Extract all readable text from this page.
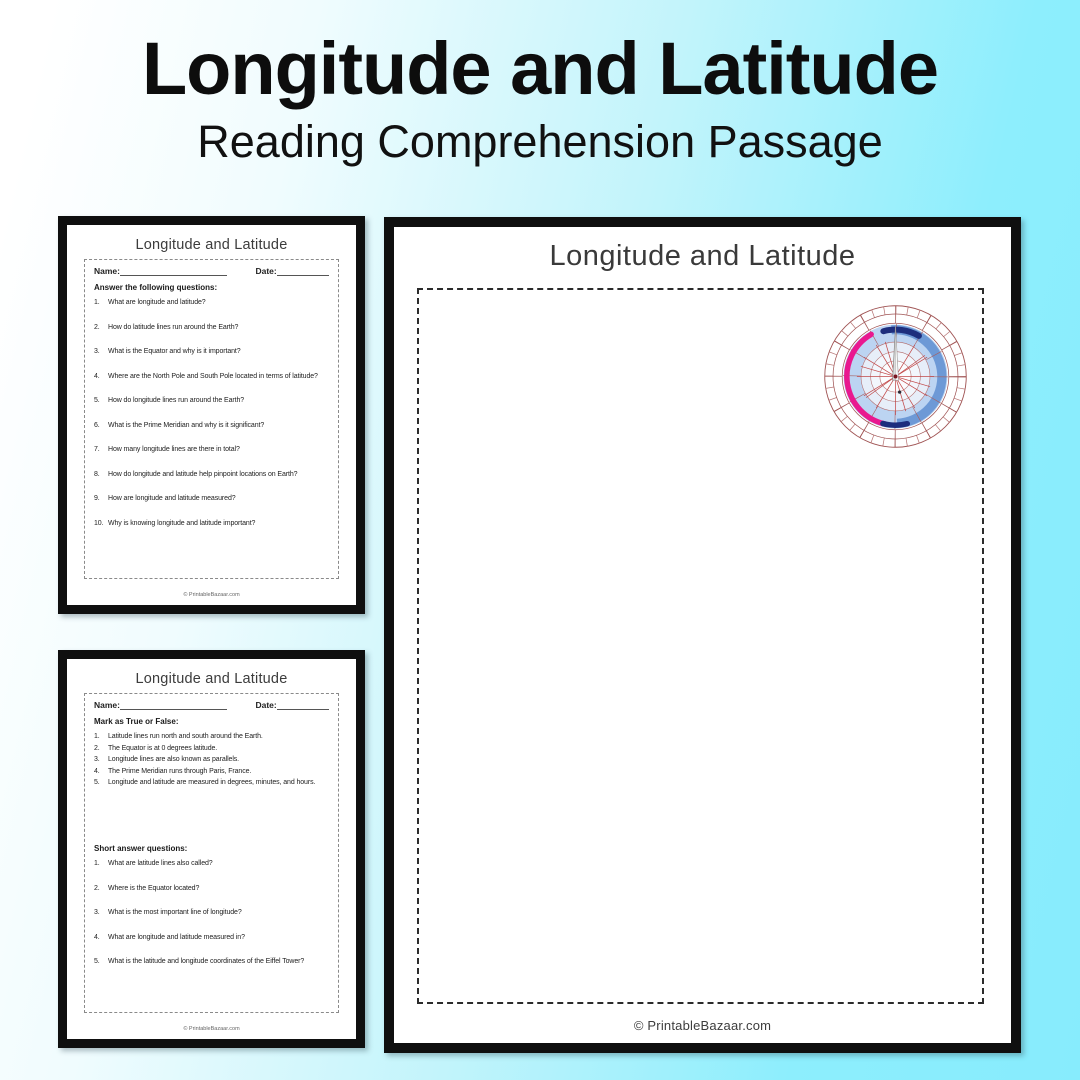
Longitude and Latitude
Reading Comprehension Passage
Longitude and Latitude
Name:	Date:
Answer the following questions:
1.	What are longitude and latitude?
2.	How do latitude lines run around the Earth?
3.	What is the Equator and why is it important?
4.	Where are the North Pole and South Pole located in terms of latitude?
5.	How do longitude lines run around the Earth?
6.	What is the Prime Meridian and why is it significant?
7.	How many longitude lines are there in total?
8.	How do longitude and latitude help pinpoint locations on Earth?
9.	How are longitude and latitude measured?
10. Why is knowing longitude and latitude important?
© PrintableBazaar.com
Longitude and Latitude
Name:	Date:
Mark as True or False:
1.	Latitude lines run north and south around the Earth.
2.	The Equator is at 0 degrees latitude.
3.	Longitude lines are also known as parallels.
4.	The Prime Meridian runs through Paris, France.
5.	Longitude and latitude are measured in degrees, minutes, and hours.
Short answer questions:
1.	What are latitude lines also called?
2.	Where is the Equator located?
3.	What is the most important line of longitude?
4.	What are longitude and latitude measured in?
5.	What is the latitude and longitude coordinates of the Eiffel Tower?
© PrintableBazaar.com
Longitude and Latitude

© PrintableBazaar.com
